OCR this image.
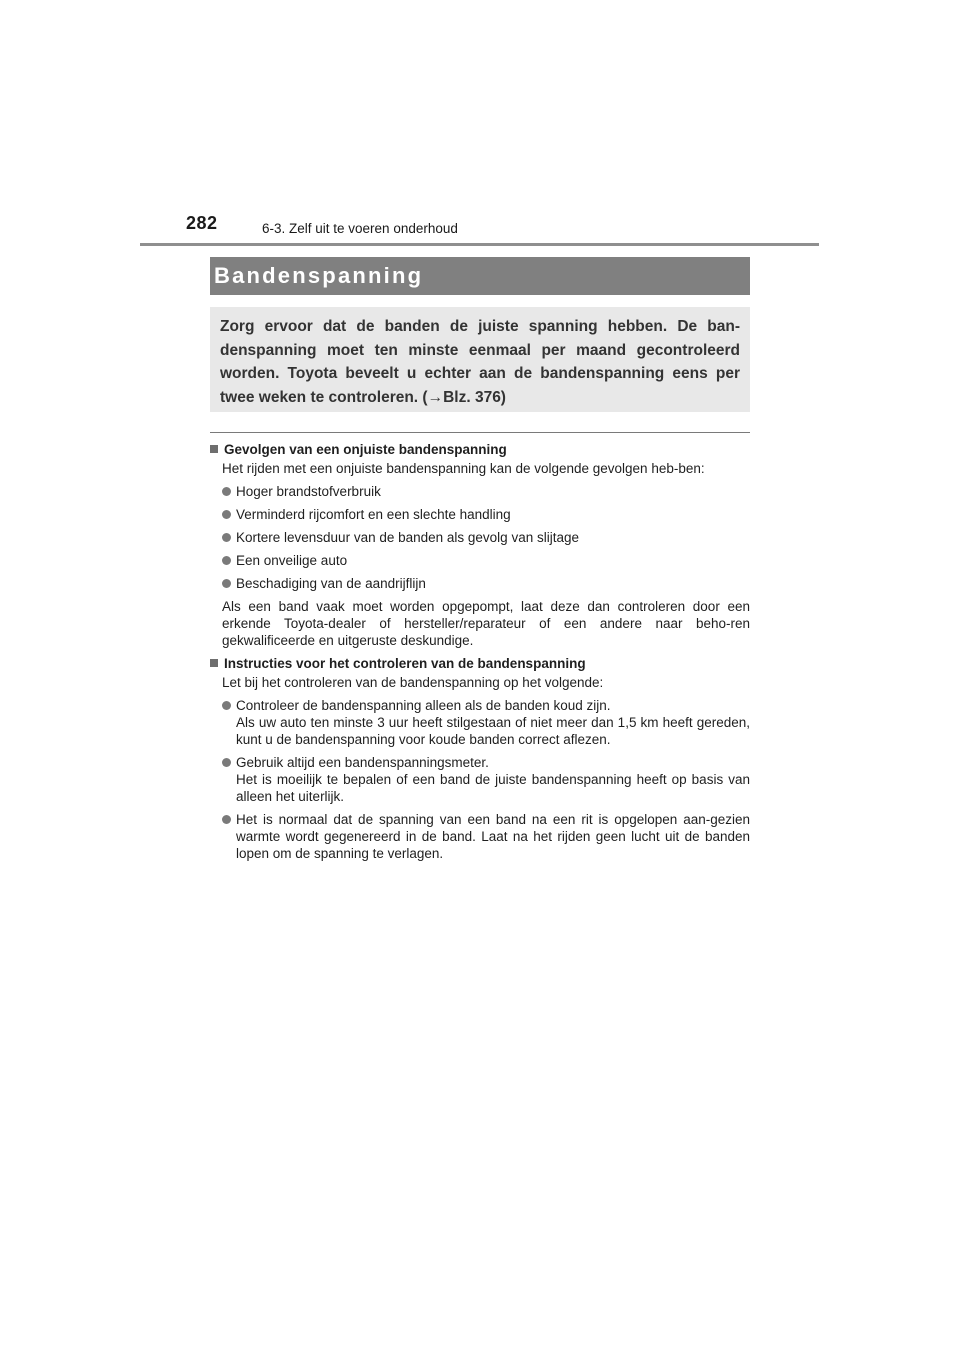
282	6-3. Zelf uit te voeren onderhoud
Bandenspanning

Zorg ervoor dat de banden de juiste spanning hebben. De ban-denspanning moet ten minste eenmaal per maand gecontroleerd worden. Toyota beveelt u echter aan de bandenspanning eens per twee weken te controleren. (→Blz. 376)

Gevolgen van een onjuiste bandenspanning

Het rijden met een onjuiste bandenspanning kan de volgende gevolgen heb-ben:

Hoger brandstofverbruik
Verminderd rijcomfort en een slechte handling
Kortere levensduur van de banden als gevolg van slijtage
Een onveilige auto
Beschadiging van de aandrijflijn

Als een band vaak moet worden opgepompt, laat deze dan controleren door een erkende Toyota-dealer of hersteller/reparateur of een andere naar beho-ren gekwalificeerde en uitgeruste deskundige.

Instructies voor het controleren van de bandenspanning

Let bij het controleren van de bandenspanning op het volgende:

Controleer de bandenspanning alleen als de banden koud zijn.
Als uw auto ten minste 3 uur heeft stilgestaan of niet meer dan 1,5 km heeft gereden, kunt u de bandenspanning voor koude banden correct aflezen.
Gebruik altijd een bandenspanningsmeter.
Het is moeilijk te bepalen of een band de juiste bandenspanning heeft op basis van alleen het uiterlijk.
Het is normaal dat de spanning van een band na een rit is opgelopen aan-gezien warmte wordt gegenereerd in de band. Laat na het rijden geen lucht uit de banden lopen om de spanning te verlagen.
